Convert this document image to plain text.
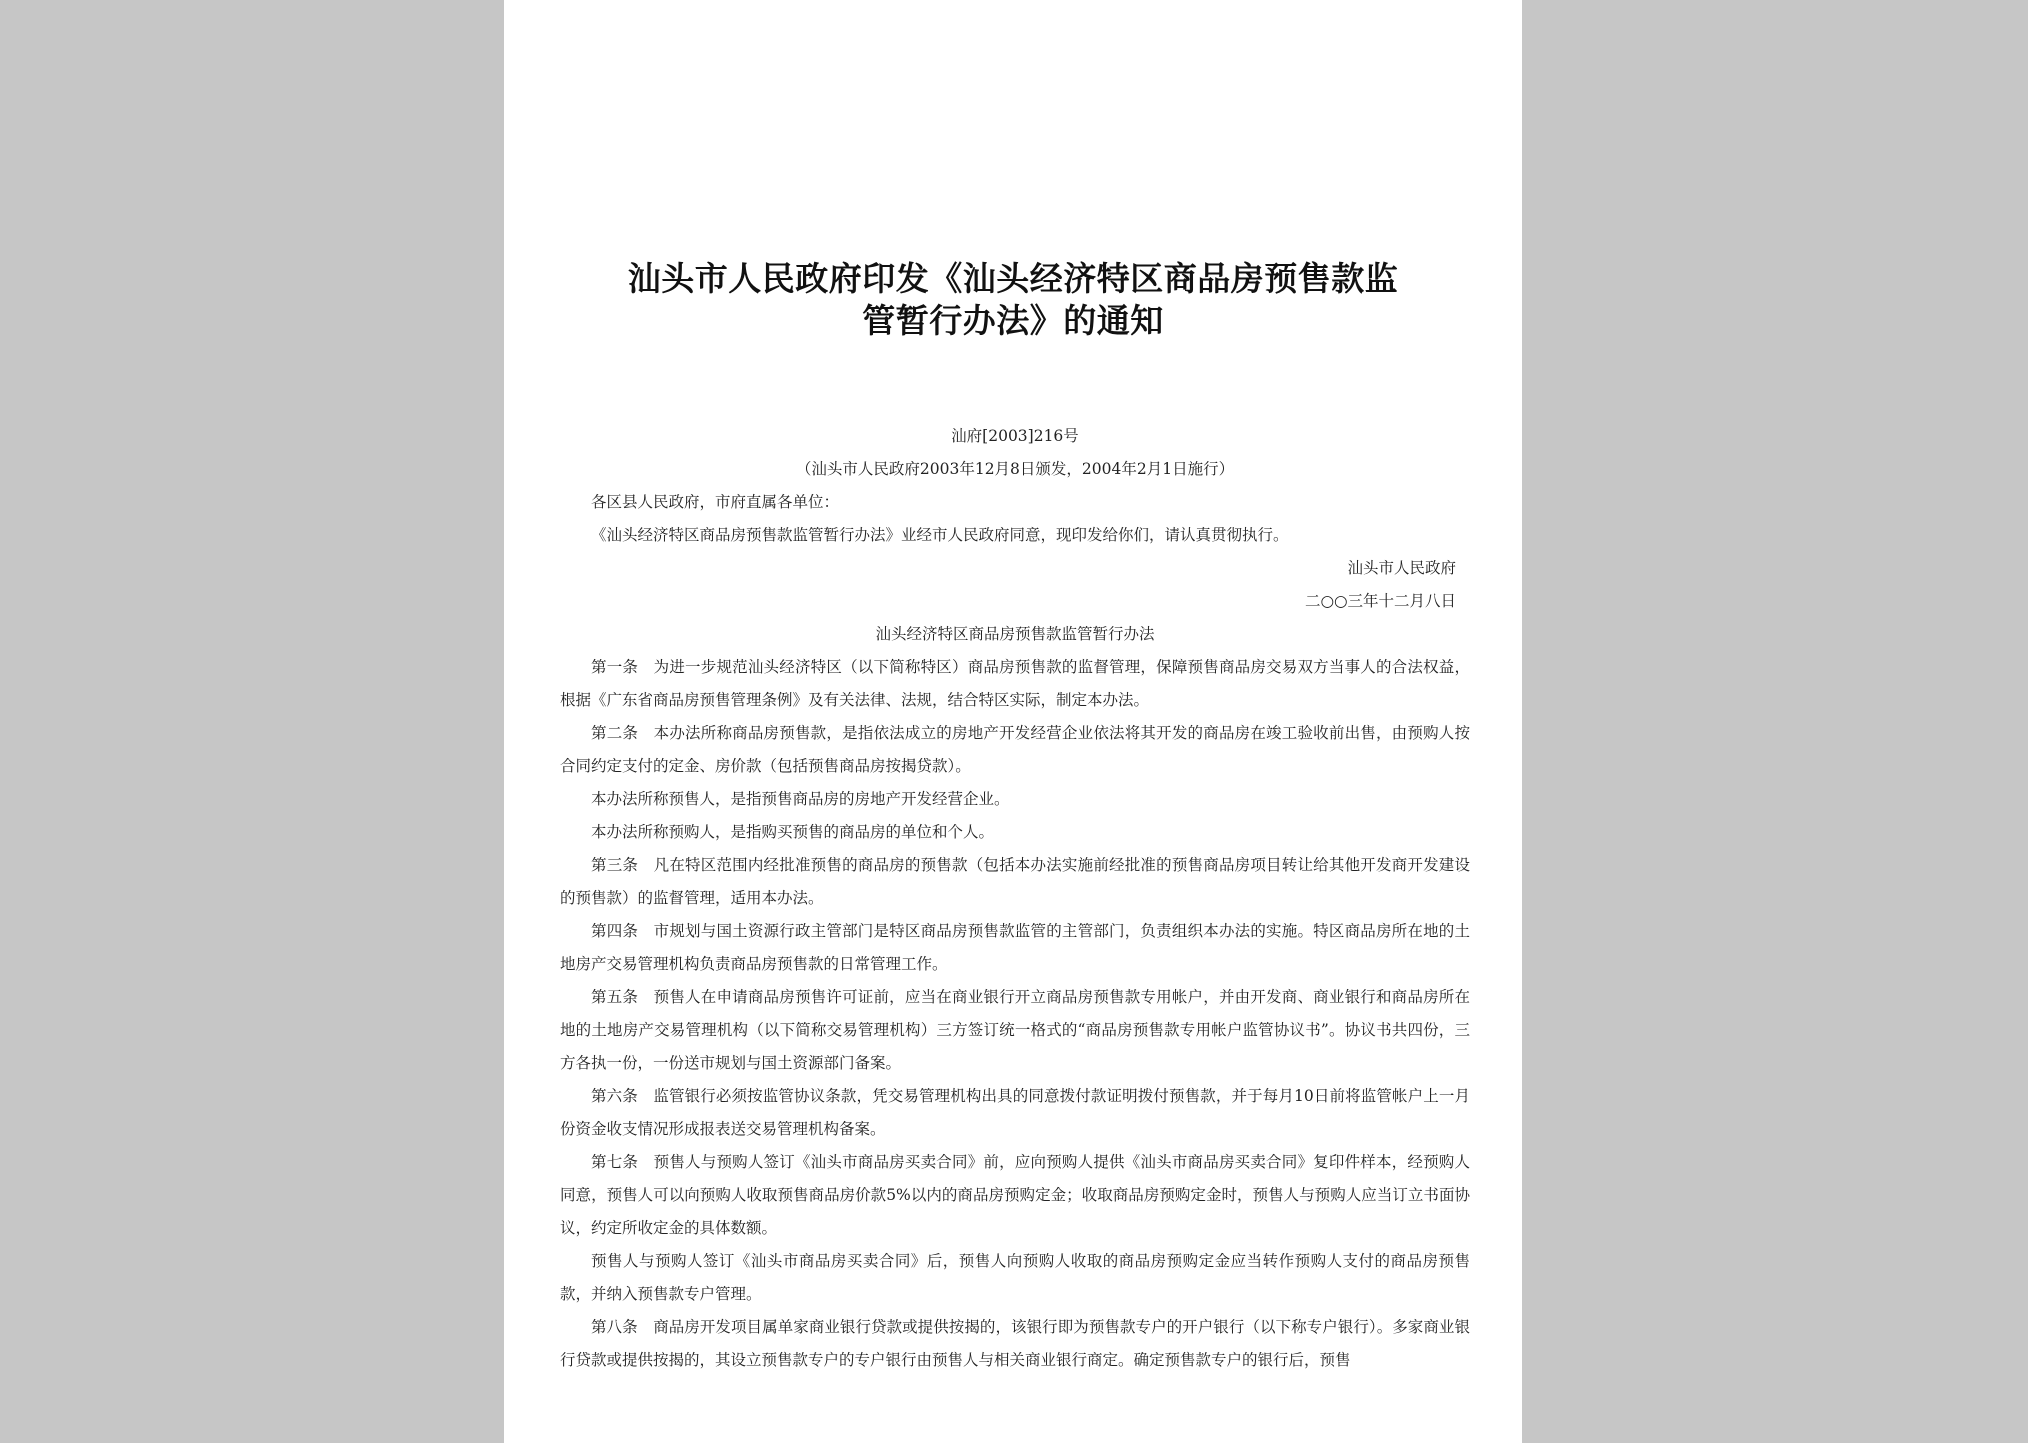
汕头市人民政府印发《汕头经济特区商品房预售款监
管暂行办法》的通知
汕府[2003]216号
（汕头市人民政府2003年12月8日颁发，2004年2月1日施行）

各区县人民政府，市府直属各单位：

《汕头经济特区商品房预售款监管暂行办法》业经市人民政府同意，现印发给你们，请认真贯彻执行。

汕头市人民政府
二○○三年十二月八日
汕头经济特区商品房预售款监管暂行办法

第一条 为进一步规范汕头经济特区（以下简称特区）商品房预售款的监督管理，保障预售商品房交易双方当事人的合法权益，根据《广东省商品房预售管理条例》及有关法律、法规，结合特区实际，制定本办法。

第二条 本办法所称商品房预售款，是指依法成立的房地产开发经营企业依法将其开发的商品房在竣工验收前出售，由预购人按合同约定支付的定金、房价款（包括预售商品房按揭贷款）。

本办法所称预售人，是指预售商品房的房地产开发经营企业。

本办法所称预购人，是指购买预售的商品房的单位和个人。

第三条 凡在特区范围内经批准预售的商品房的预售款（包括本办法实施前经批准的预售商品房项目转让给其他开发商开发建设的预售款）的监督管理，适用本办法。

第四条 市规划与国土资源行政主管部门是特区商品房预售款监管的主管部门，负责组织本办法的实施。特区商品房所在地的土地房产交易管理机构负责商品房预售款的日常管理工作。

第五条 预售人在申请商品房预售许可证前，应当在商业银行开立商品房预售款专用帐户，并由开发商、商业银行和商品房所在地的土地房产交易管理机构（以下简称交易管理机构）三方签订统一格式的“商品房预售款专用帐户监管协议书”。协议书共四份，三方各执一份，一份送市规划与国土资源部门备案。

第六条 监管银行必须按监管协议条款，凭交易管理机构出具的同意拨付款证明拨付预售款，并于每月10日前将监管帐户上一月份资金收支情况形成报表送交易管理机构备案。

第七条 预售人与预购人签订《汕头市商品房买卖合同》前，应向预购人提供《汕头市商品房买卖合同》复印件样本，经预购人同意，预售人可以向预购人收取预售商品房价款5%以内的商品房预购定金；收取商品房预购定金时，预售人与预购人应当订立书面协议，约定所收定金的具体数额。

预售人与预购人签订《汕头市商品房买卖合同》后，预售人向预购人收取的商品房预购定金应当转作预购人支付的商品房预售款，并纳入预售款专户管理。

第八条 商品房开发项目属单家商业银行贷款或提供按揭的，该银行即为预售款专户的开户银行（以下称专户银行）。多家商业银行贷款或提供按揭的，其设立预售款专户的专户银行由预售人与相关商业银行商定。确定预售款专户的银行后，预售
